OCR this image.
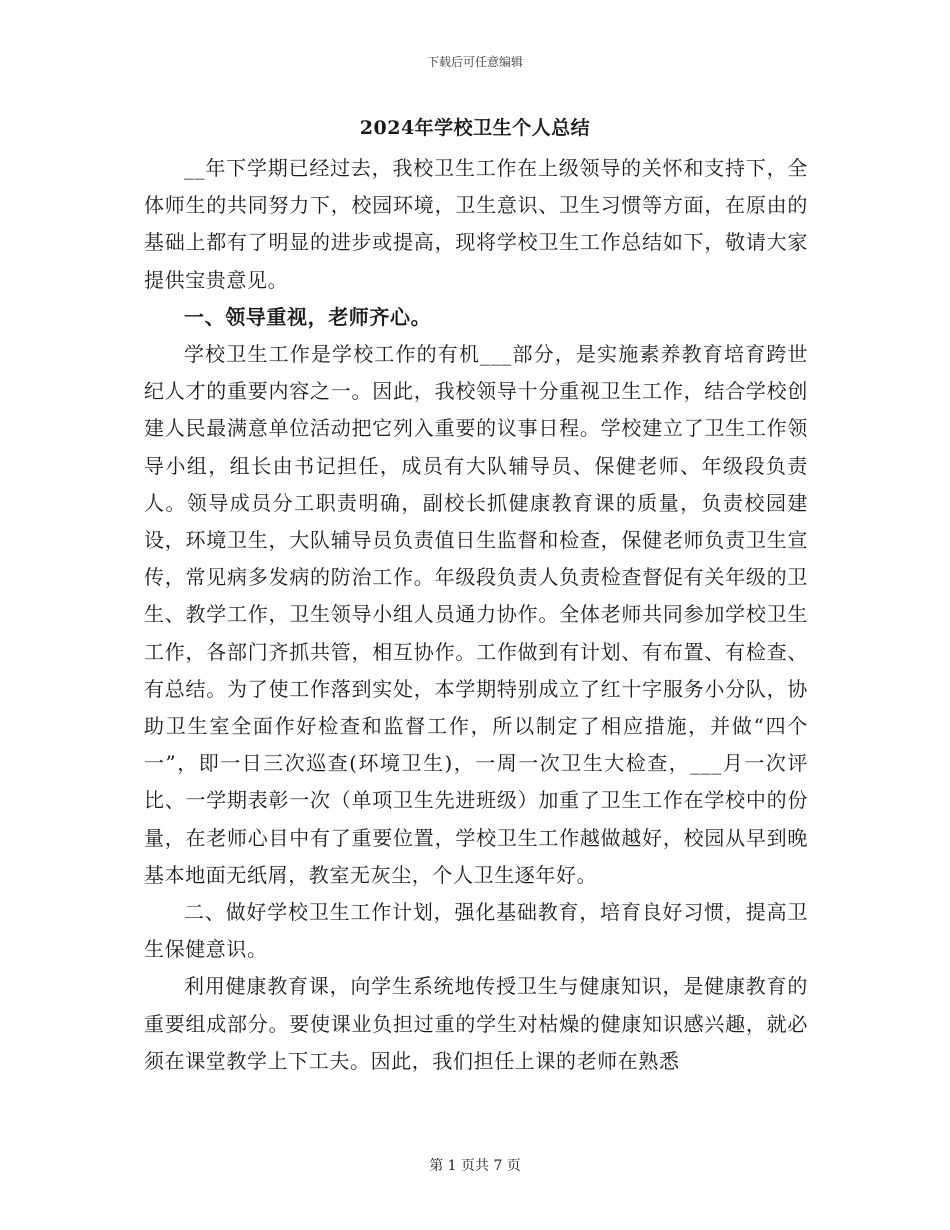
下载后可任意编辑
2024年学校卫生个人总结

__年下学期已经过去，我校卫生工作在上级领导的关怀和支持下，全体师生的共同努力下，校园环境，卫生意识、卫生习惯等方面，在原由的基础上都有了明显的进步或提高，现将学校卫生工作总结如下，敬请大家提供宝贵意见。

一、领导重视，老师齐心。

学校卫生工作是学校工作的有机___部分，是实施素养教育培育跨世纪人才的重要内容之一。因此，我校领导十分重视卫生工作，结合学校创建人民最满意单位活动把它列入重要的议事日程。学校建立了卫生工作领导小组，组长由书记担任，成员有大队辅导员、保健老师、年级段负责人。领导成员分工职责明确，副校长抓健康教育课的质量，负责校园建设，环境卫生，大队辅导员负责值日生监督和检查，保健老师负责卫生宣传，常见病多发病的防治工作。年级段负责人负责检查督促有关年级的卫生、教学工作，卫生领导小组人员通力协作。全体老师共同参加学校卫生工作，各部门齐抓共管，相互协作。工作做到有计划、有布置、有检查、有总结。为了使工作落到实处，本学期特别成立了红十字服务小分队，协助卫生室全面作好检查和监督工作，所以制定了相应措施，并做“四个一”，即一日三次巡查(环境卫生)，一周一次卫生大检查，___月一次评比、一学期表彰一次（单项卫生先进班级）加重了卫生工作在学校中的份量，在老师心目中有了重要位置，学校卫生工作越做越好，校园从早到晚基本地面无纸屑，教室无灰尘，个人卫生逐年好。

二、做好学校卫生工作计划，强化基础教育，培育良好习惯，提高卫生保健意识。

利用健康教育课，向学生系统地传授卫生与健康知识，是健康教育的重要组成部分。要使课业负担过重的学生对枯燥的健康知识感兴趣，就必须在课堂教学上下工夫。因此，我们担任上课的老师在熟悉

第 1 页共 7 页
